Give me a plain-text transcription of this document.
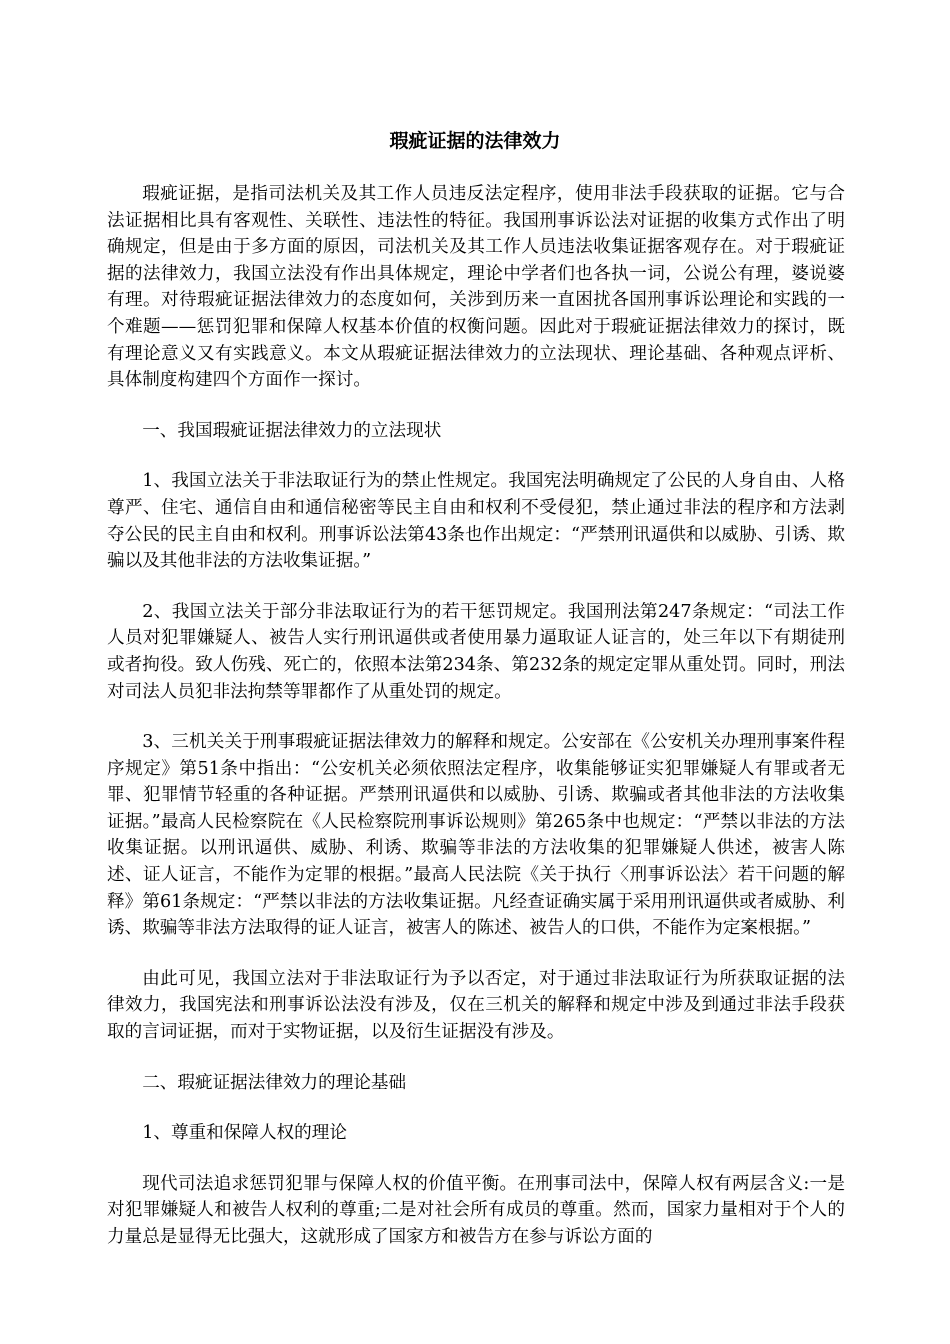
瑕疵证据的法律效力

瑕疵证据，是指司法机关及其工作人员违反法定程序，使用非法手段获取的证据。它与合法证据相比具有客观性、关联性、违法性的特征。我国刑事诉讼法对证据的收集方式作出了明确规定，但是由于多方面的原因，司法机关及其工作人员违法收集证据客观存在。对于瑕疵证据的法律效力，我国立法没有作出具体规定，理论中学者们也各执一词，公说公有理，婆说婆有理。对待瑕疵证据法律效力的态度如何，关涉到历来一直困扰各国刑事诉讼理论和实践的一个难题——惩罚犯罪和保障人权基本价值的权衡问题。因此对于瑕疵证据法律效力的探讨，既有理论意义又有实践意义。本文从瑕疵证据法律效力的立法现状、理论基础、各种观点评析、具体制度构建四个方面作一探讨。

一、我国瑕疵证据法律效力的立法现状

1、我国立法关于非法取证行为的禁止性规定。我国宪法明确规定了公民的人身自由、人格尊严、住宅、通信自由和通信秘密等民主自由和权利不受侵犯，禁止通过非法的程序和方法剥夺公民的民主自由和权利。刑事诉讼法第43条也作出规定：“严禁刑讯逼供和以威胁、引诱、欺骗以及其他非法的方法收集证据。”

2、我国立法关于部分非法取证行为的若干惩罚规定。我国刑法第247条规定：“司法工作人员对犯罪嫌疑人、被告人实行刑讯逼供或者使用暴力逼取证人证言的，处三年以下有期徒刑或者拘役。致人伤残、死亡的，依照本法第234条、第232条的规定定罪从重处罚。同时，刑法对司法人员犯非法拘禁等罪都作了从重处罚的规定。

3、三机关关于刑事瑕疵证据法律效力的解释和规定。公安部在《公安机关办理刑事案件程序规定》第51条中指出：“公安机关必须依照法定程序，收集能够证实犯罪嫌疑人有罪或者无罪、犯罪情节轻重的各种证据。严禁刑讯逼供和以威胁、引诱、欺骗或者其他非法的方法收集证据。”最高人民检察院在《人民检察院刑事诉讼规则》第265条中也规定：“严禁以非法的方法收集证据。以刑讯逼供、威胁、利诱、欺骗等非法的方法收集的犯罪嫌疑人供述，被害人陈述、证人证言，不能作为定罪的根据。”最高人民法院《关于执行〈刑事诉讼法〉若干问题的解释》第61条规定：“严禁以非法的方法收集证据。凡经查证确实属于采用刑讯逼供或者威胁、利诱、欺骗等非法方法取得的证人证言，被害人的陈述、被告人的口供，不能作为定案根据。”

由此可见，我国立法对于非法取证行为予以否定，对于通过非法取证行为所获取证据的法律效力，我国宪法和刑事诉讼法没有涉及，仅在三机关的解释和规定中涉及到通过非法手段获取的言词证据，而对于实物证据，以及衍生证据没有涉及。

二、瑕疵证据法律效力的理论基础

1、尊重和保障人权的理论

现代司法追求惩罚犯罪与保障人权的价值平衡。在刑事司法中，保障人权有两层含义:一是对犯罪嫌疑人和被告人权利的尊重;二是对社会所有成员的尊重。然而，国家力量相对于个人的力量总是显得无比强大，这就形成了国家方和被告方在参与诉讼方面的
